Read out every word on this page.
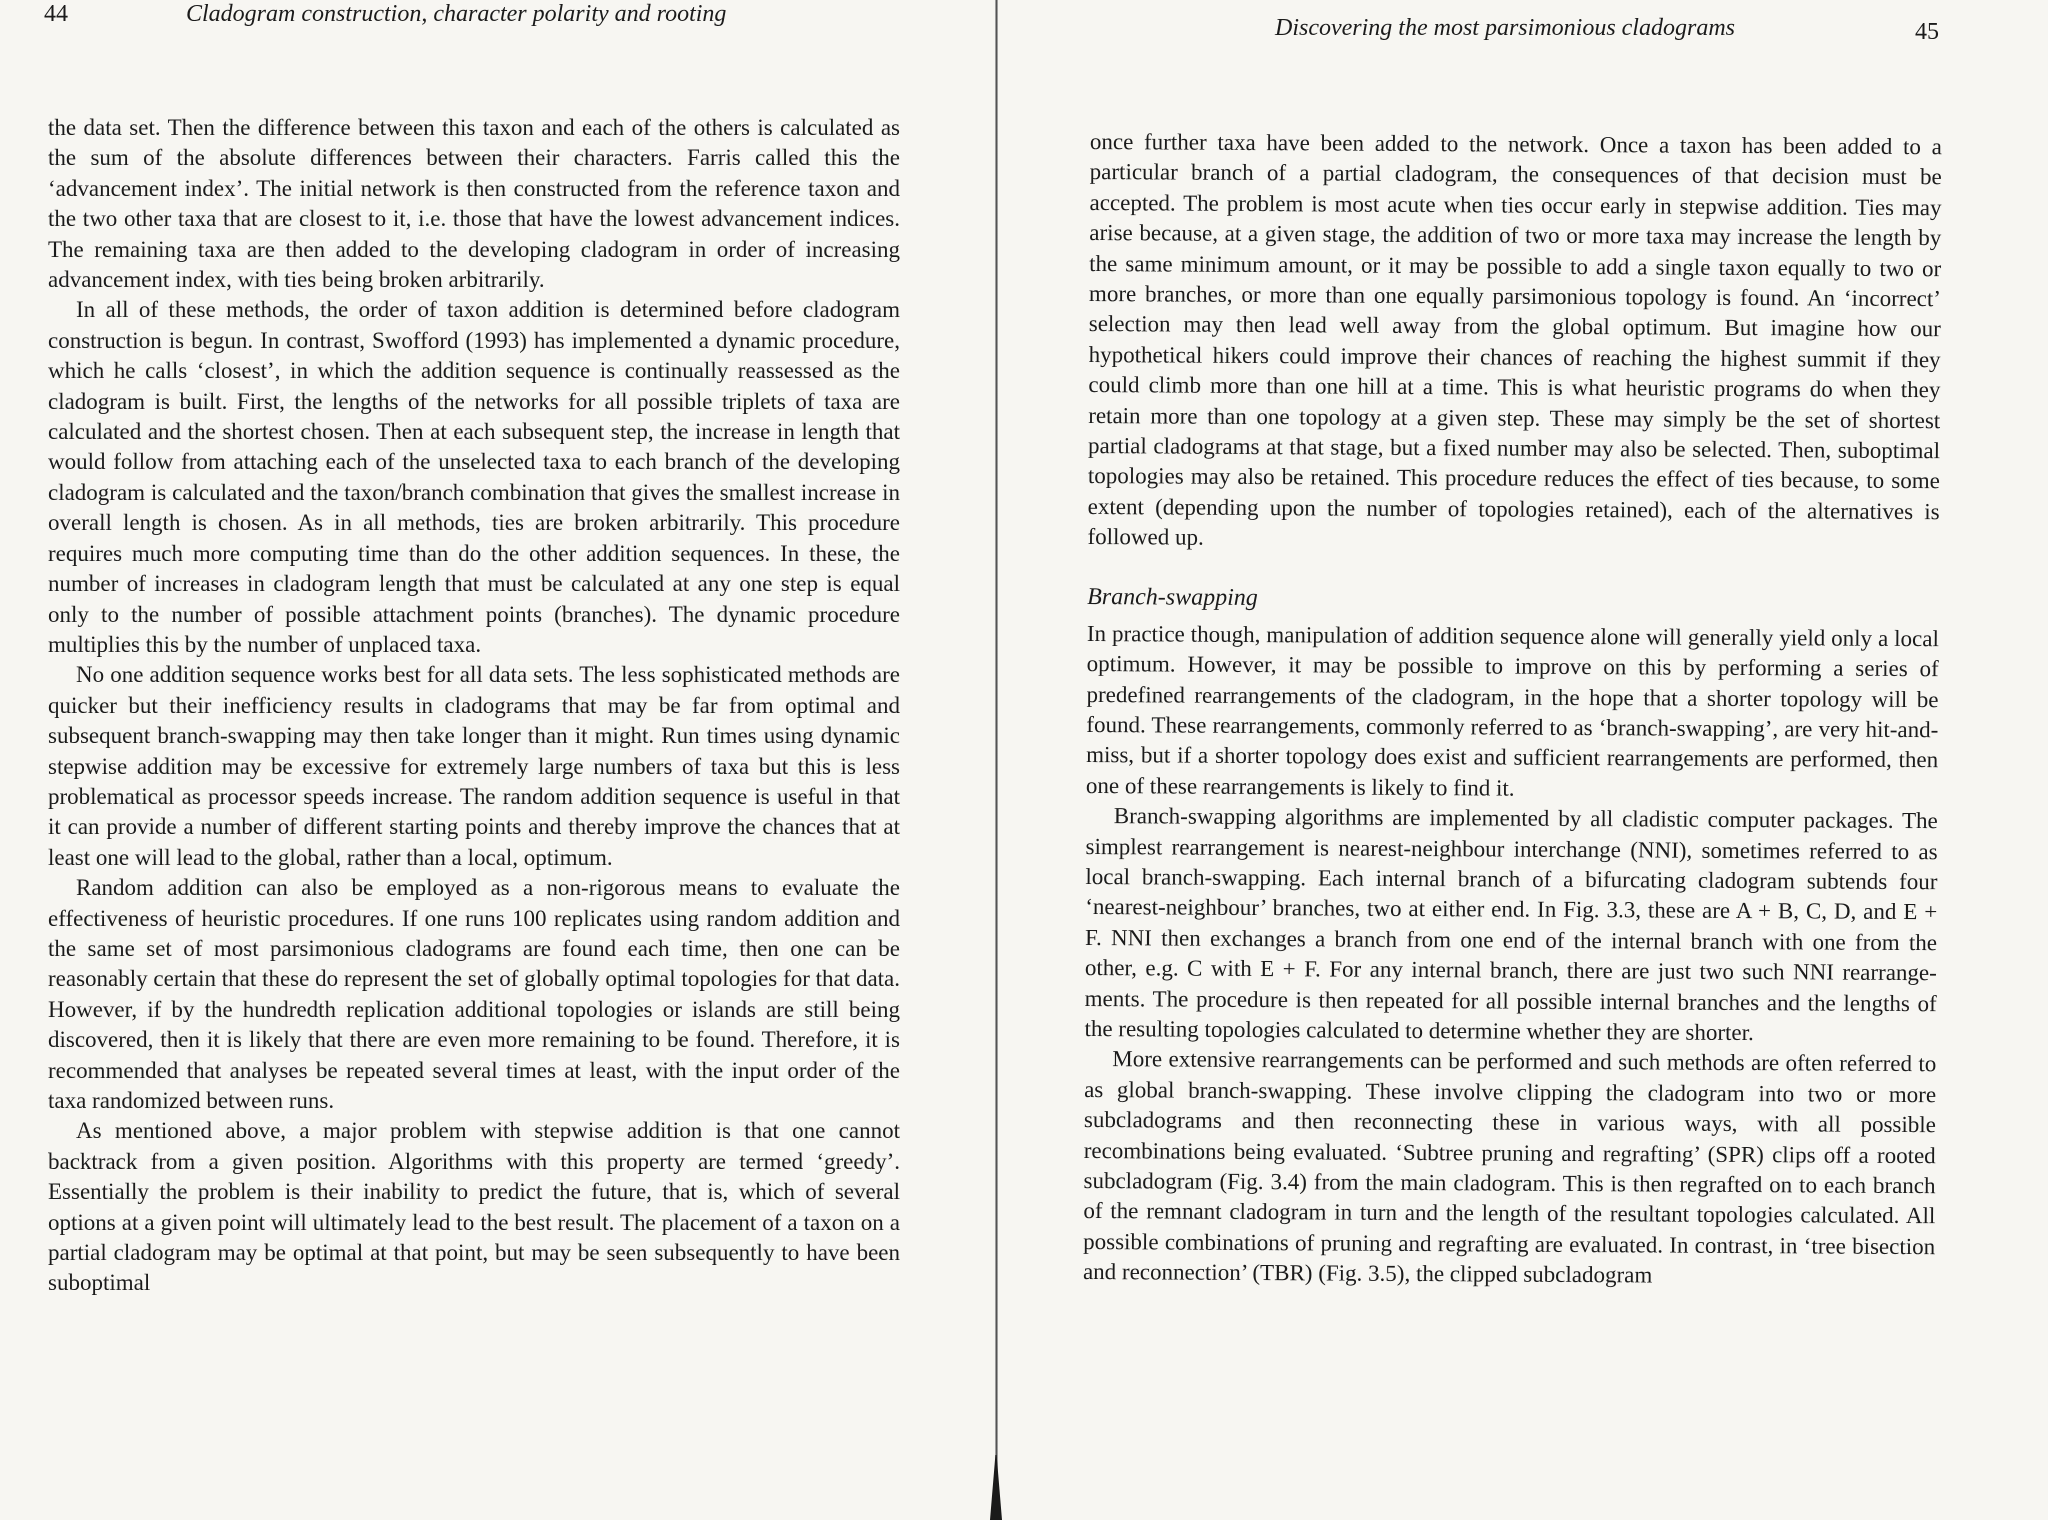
44	Cladogram construction, character polarity and rooting

the data set. Then the difference between this taxon and each of the others is calculated as the sum of the absolute differences between their characters. Farris called this the ‘advancement index’. The initial network is then constructed from the reference taxon and the two other taxa that are closest to it, i.e. those that have the lowest advancement indices. The remaining taxa are then added to the developing cladogram in order of increasing advancement index, with ties being broken arbitrarily.

In all of these methods, the order of taxon addition is determined before cladogram construction is begun. In contrast, Swofford (1993) has implemented a dynamic procedure, which he calls ‘closest’, in which the addition sequence is continually reassessed as the cladogram is built. First, the lengths of the networks for all possible triplets of taxa are calculated and the shortest chosen. Then at each subsequent step, the increase in length that would follow from attaching each of the unselected taxa to each branch of the developing cladogram is calculated and the taxon/branch combination that gives the smallest increase in overall length is chosen. As in all methods, ties are broken arbitrarily. This procedure requires much more computing time than do the other addition sequences. In these, the number of increases in cladogram length that must be calculated at any one step is equal only to the number of possible attachment points (branches). The dynamic procedure multiplies this by the number of unplaced taxa.

No one addition sequence works best for all data sets. The less sophisticated methods are quicker but their inefficiency results in cladograms that may be far from optimal and subsequent branch-swapping may then take longer than it might. Run times using dynamic stepwise addition may be excessive for extremely large numbers of taxa but this is less problematical as processor speeds increase. The random addition sequence is useful in that it can provide a number of different starting points and thereby improve the chances that at least one will lead to the global, rather than a local, optimum.

Random addition can also be employed as a non-rigorous means to evaluate the effectiveness of heuristic procedures. If one runs 100 replicates using random addition and the same set of most parsimonious cladograms are found each time, then one can be reasonably certain that these do represent the set of globally optimal topologies for that data. However, if by the hundredth replication additional topologies or islands are still being discovered, then it is likely that there are even more remaining to be found. Therefore, it is recommended that analyses be repeated several times at least, with the input order of the taxa randomized between runs.

As mentioned above, a major problem with stepwise addition is that one cannot backtrack from a given position. Algorithms with this property are termed ‘greedy’. Essentially the problem is their inability to predict the future, that is, which of several options at a given point will ultimately lead to the best result. The placement of a taxon on a partial cladogram may be optimal at that point, but may be seen subsequently to have been suboptimal

Discovering the most parsimonious cladograms	45

once further taxa have been added to the network. Once a taxon has been added to a particular branch of a partial cladogram, the consequences of that decision must be accepted. The problem is most acute when ties occur early in stepwise addition. Ties may arise because, at a given stage, the addition of two or more taxa may increase the length by the same minimum amount, or it may be possible to add a single taxon equally to two or more branches, or more than one equally parsimonious topology is found. An ‘incorrect’ selection may then lead well away from the global optimum. But imagine how our hypothetical hikers could improve their chances of reaching the highest summit if they could climb more than one hill at a time. This is what heuristic programs do when they retain more than one topology at a given step. These may simply be the set of shortest partial cladograms at that stage, but a fixed number may also be selected. Then, suboptimal topologies may also be retained. This procedure reduces the effect of ties because, to some extent (depending upon the number of topologies retained), each of the alternatives is followed up.

Branch-swapping

In practice though, manipulation of addition sequence alone will generally yield only a local optimum. However, it may be possible to improve on this by performing a series of predefined rearrangements of the cladogram, in the hope that a shorter topology will be found. These rearrangements, commonly referred to as ‘branch-swapping’, are very hit-and-miss, but if a shorter topology does exist and sufficient rearrangements are performed, then one of these rearrangements is likely to find it.

Branch-swapping algorithms are implemented by all cladistic computer packages. The simplest rearrangement is nearest-neighbour interchange (NNI), sometimes referred to as local branch-swapping. Each internal branch of a bifurcating cladogram subtends four ‘nearest-neighbour’ branches, two at either end. In Fig. 3.3, these are A + B, C, D, and E + F. NNI then exchanges a branch from one end of the internal branch with one from the other, e.g. C with E + F. For any internal branch, there are just two such NNI rearrangements. The procedure is then repeated for all possible internal branches and the lengths of the resulting topologies calculated to determine whether they are shorter.

More extensive rearrangements can be performed and such methods are often referred to as global branch-swapping. These involve clipping the cladogram into two or more subcladograms and then reconnecting these in various ways, with all possible recombinations being evaluated. ‘Subtree pruning and regrafting’ (SPR) clips off a rooted subcladogram (Fig. 3.4) from the main cladogram. This is then regrafted on to each branch of the remnant cladogram in turn and the length of the resultant topologies calculated. All possible combinations of pruning and regrafting are evaluated. In contrast, in ‘tree bisection and reconnection’ (TBR) (Fig. 3.5), the clipped subcladogram
